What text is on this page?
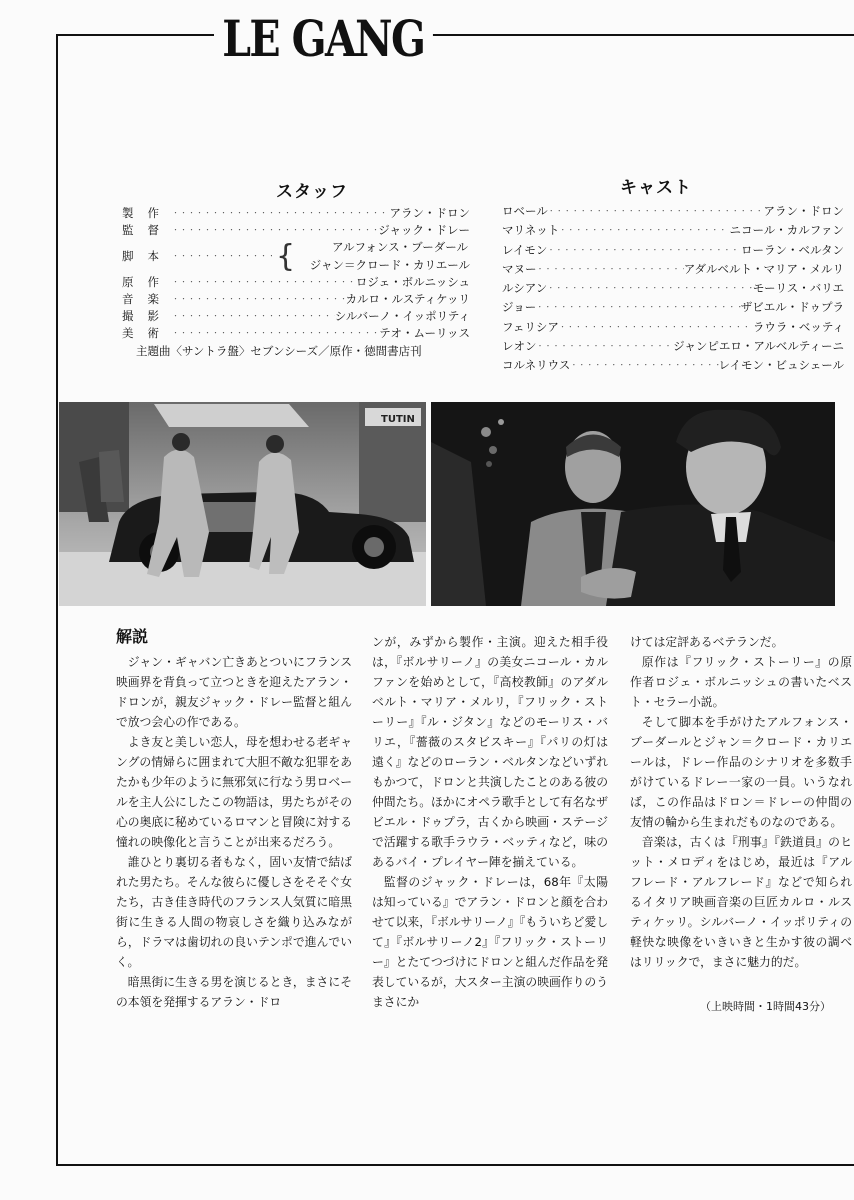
LE GANG
スタッフ
製作 ・・・・・・・・・・・・・・・・・・・・・・・・・・・・・・・・・・・・・・・・・・・・	アラン・ドロン
監督 ・・・・・・・・・・・・・・・・・・・・・・・・・・・・・・・・・・・・・・・・・・・・	ジャック・ドレー
脚本 ・・・・・・・・・・・・・・・・・・・・・・・・・・・・・・・・・・・・・・・・・・・・	{	アルフォンス・ブーダール
ジャン＝クロード・カリエール
原作 ・・・・・・・・・・・・・・・・・・・・・・・・・・・・・・・・・・・・・・・・・・・・	ロジェ・ボルニッシュ
音楽 ・・・・・・・・・・・・・・・・・・・・・・・・・・・・・・・・・・・・・・・・・・・・	カルロ・ルスティケッリ
撮影 ・・・・・・・・・・・・・・・・・・・・・・・・・・・・・・・・・・・・・・・・・・・・	シルバーノ・イッポリティ
美術 ・・・・・・・・・・・・・・・・・・・・・・・・・・・・・・・・・・・・・・・・・・・・	テオ・ムーリッス
主題曲〈サントラ盤〉セブンシーズ／原作・徳間書店刊
キャスト
ロベール ・・・・・・・・・・・・・・・・・・・・・・・・・・・・・・・・・・・・・・・・・・・・	アラン・ドロン
マリネット ・・・・・・・・・・・・・・・・・・・・・・・・・・・・・・・・・・・・・・・・・・・・	ニコール・カルファン
レイモン ・・・・・・・・・・・・・・・・・・・・・・・・・・・・・・・・・・・・・・・・・・・・	ローラン・ベルタン
マヌー ・・・・・・・・・・・・・・・・・・・・・・・・・・・・・・・・・・・・・・・・・・・・	アダルベルト・マリア・メルリ
ルシアン ・・・・・・・・・・・・・・・・・・・・・・・・・・・・・・・・・・・・・・・・・・・・	モーリス・バリエ
ジョー ・・・・・・・・・・・・・・・・・・・・・・・・・・・・・・・・・・・・・・・・・・・・	ザビエル・ドゥプラ
フェリシア ・・・・・・・・・・・・・・・・・・・・・・・・・・・・・・・・・・・・・・・・・・・・	ラウラ・ベッティ
レオン ・・・・・・・・・・・・・・・・・・・・・・・・・・・・・・・・・・・・・・・・・・・・	ジャンピエロ・アルベルティーニ
コルネリウス ・・・・・・・・・・・・・・・・・・・・・・・・・・・・・・・・・・・・・・・・・・・・	レイモン・ビュシェール
TUTIN
解説

ジャン・ギャバン亡きあとついにフランス映画界を背負って立つときを迎えたアラン・ドロンが，親友ジャック・ドレー監督と組んで放つ会心の作である。

よき友と美しい恋人，母を想わせる老ギャングの情婦らに囲まれて大胆不敵な犯罪をあたかも少年のように無邪気に行なう男ロベールを主人公にしたこの物語は，男たちがその心の奥底に秘めているロマンと冒険に対する憧れの映像化と言うことが出来るだろう。

誰ひとり裏切る者もなく，固い友情で結ばれた男たち。そんな彼らに優しさをそそぐ女たち，古き佳き時代のフランス人気質に暗黒街に生きる人間の物哀しさを織り込みながら，ドラマは歯切れの良いテンポで進んでいく。

暗黒街に生きる男を演じるとき，まさにその本領を発揮するアラン・ドロ

ンが，みずから製作・主演。迎えた相手役は，『ボルサリーノ』の美女ニコール・カルファンを始めとして，『高校教師』のアダルベルト・マリア・メルリ，『フリック・ストーリー』『ル・ジタン』などのモーリス・バリエ，『薔薇のスタビスキー』『パリの灯は遠く』などのローラン・ベルタンなどいずれもかつて，ドロンと共演したことのある彼の仲間たち。ほかにオペラ歌手として有名なザビエル・ドゥプラ，古くから映画・ステージで活躍する歌手ラウラ・ベッティなど，味のあるバイ・プレイヤー陣を揃えている。

監督のジャック・ドレーは，68年『太陽は知っている』でアラン・ドロンと顔を合わせて以来，『ボルサリーノ』『もういちど愛して』『ボルサリーノ2』『フリック・ストーリー』とたてつづけにドロンと組んだ作品を発表しているが，大スター主演の映画作りのうまさにか

けては定評あるベテランだ。

原作は『フリック・ストーリー』の原作者ロジェ・ボルニッシュの書いたベスト・セラー小説。

そして脚本を手がけたアルフォンス・ブーダールとジャン＝クロード・カリエールは，ドレー作品のシナリオを多数手がけているドレー一家の一員。いうなれば，この作品はドロン＝ドレーの仲間の友情の輪から生まれだものなのである。

音楽は，古くは『刑事』『鉄道員』のヒット・メロディをはじめ，最近は『アルフレード・アルフレード』などで知られるイタリア映画音楽の巨匠カルロ・ルスティケッリ。シルバーノ・イッポリティの軽快な映像をいきいきと生かす彼の調べはリリックで，まさに魅力的だ。

（上映時間・1時間43分）
